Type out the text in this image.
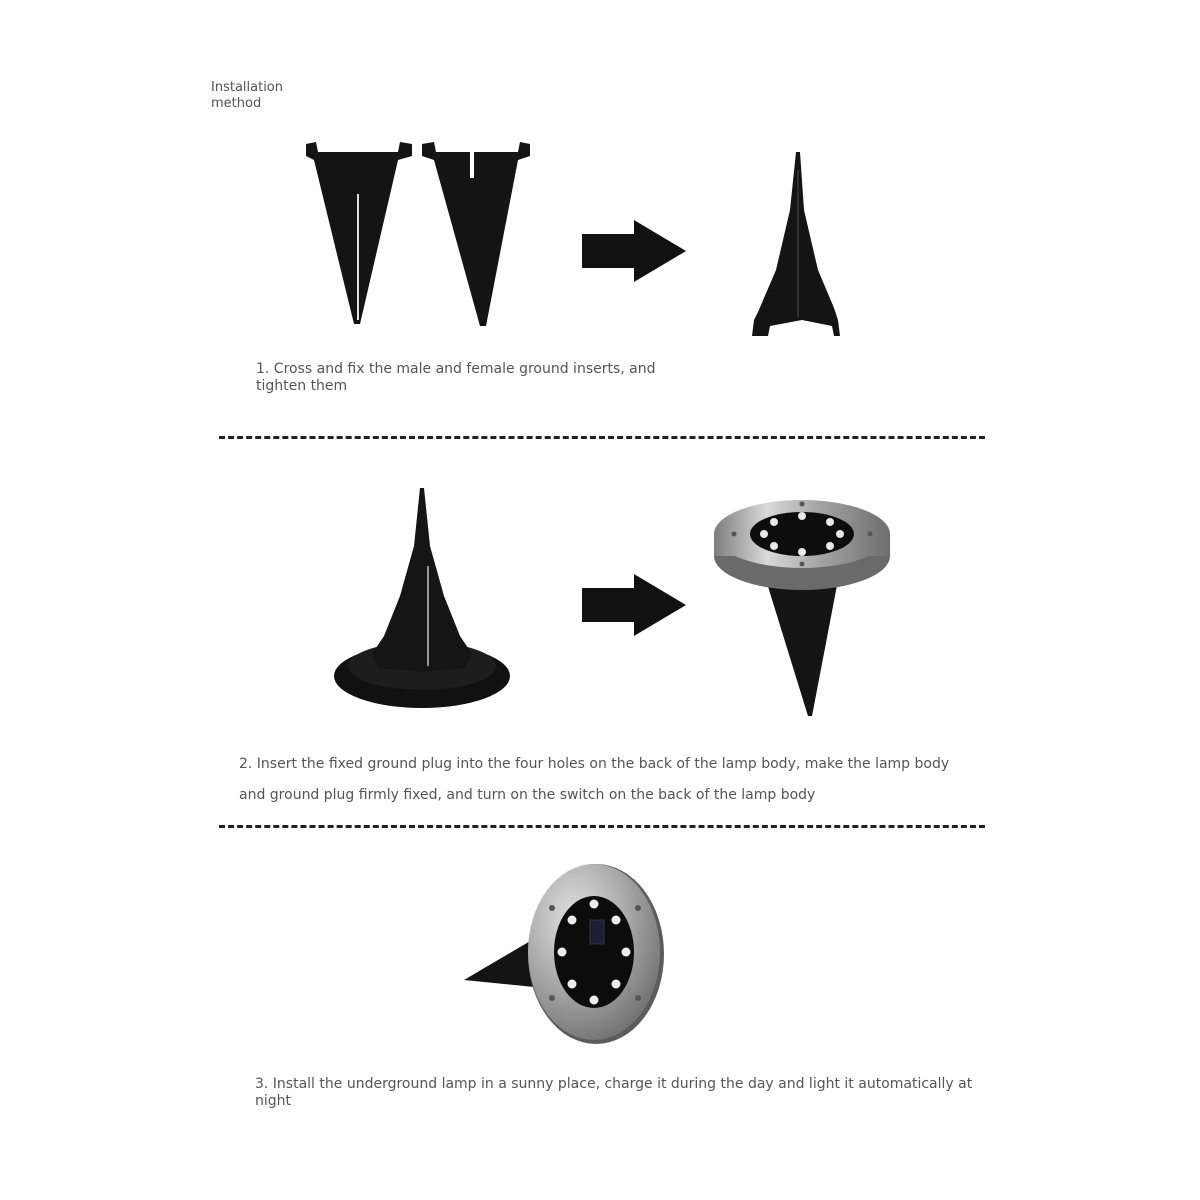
Installation method
1. Cross and fix the male and female ground inserts, and tighten them
2. Insert the fixed ground plug into the four holes on the back of the lamp body, make the lamp body and ground plug firmly fixed, and turn on the switch on the back of the lamp body
3. Install the underground lamp in a sunny place, charge it during the day and light it automatically at night
